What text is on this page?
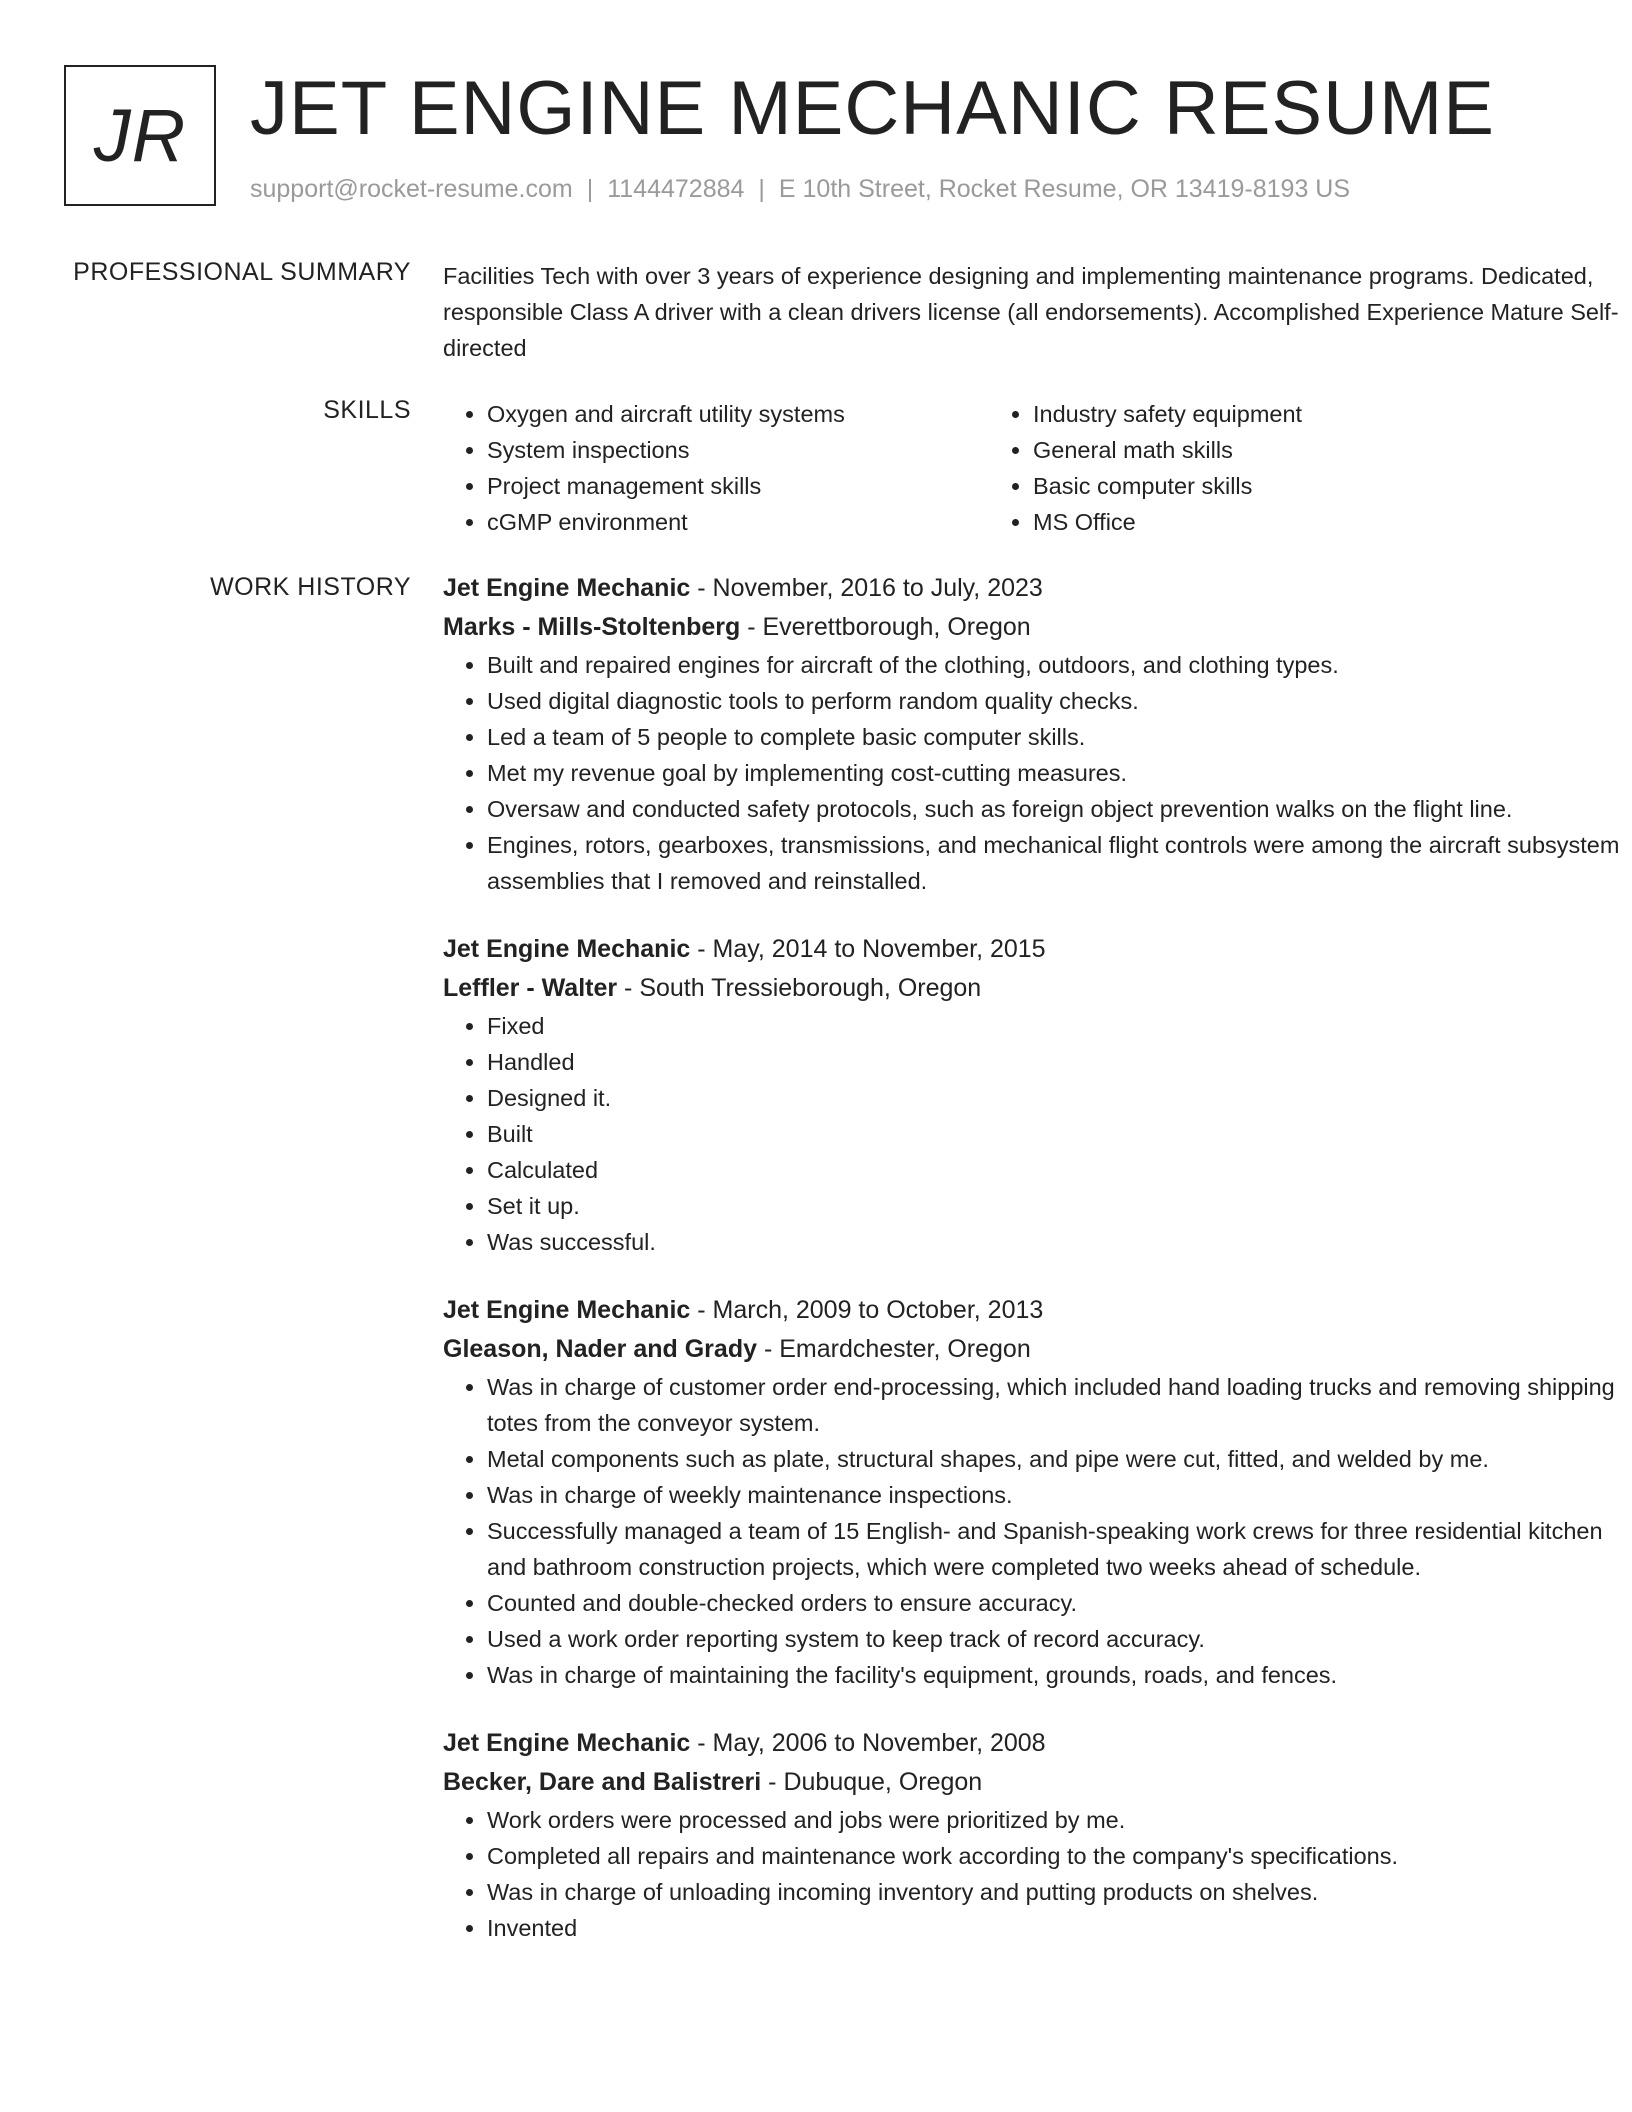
JR JET ENGINE MECHANIC RESUME
support@rocket-resume.com | 1144472884 | E 10th Street, Rocket Resume, OR 13419-8193 US
PROFESSIONAL SUMMARY Facilities Tech with over 3 years of experience designing and implementing maintenance programs. Dedicated, responsible Class A driver with a clean drivers license (all endorsements). Accomplished Experience Mature Self-directed
SKILLS
•	Oxygen and aircraft utility systems
• System inspections
• Project management skills
• cGMP environment
• Industry safety equipment
• General math skills
• Basic computer skills
• MS Office
WORK HISTORY Jet Engine Mechanic - November, 2016 to July, 2023
Marks - Mills-Stoltenberg - Everettborough, Oregon
• Built and repaired engines for aircraft of the clothing, outdoors, and clothing types.
• Used digital diagnostic tools to perform random quality checks.
• Led a team of 5 people to complete basic computer skills.
• Met my revenue goal by implementing cost-cutting measures.
• Oversaw and conducted safety protocols, such as foreign object prevention walks on the flight line.
• Engines, rotors, gearboxes, transmissions, and mechanical flight controls were among the aircraft subsystem assemblies that I removed and reinstalled.
Jet Engine Mechanic - May, 2014 to November, 2015
Leffler - Walter - South Tressieborough, Oregon
• Fixed
• Handled
• Designed it.
• Built
• Calculated
• Set it up.
• Was successful.
Jet Engine Mechanic - March, 2009 to October, 2013
Gleason, Nader and Grady - Emardchester, Oregon
• Was in charge of customer order end-processing, which included hand loading trucks and removing shipping totes from the conveyor system.
• Metal components such as plate, structural shapes, and pipe were cut, fitted, and welded by me.
• Was in charge of weekly maintenance inspections.
• Successfully managed a team of 15 English- and Spanish-speaking work crews for three residential kitchen and bathroom construction projects, which were completed two weeks ahead of schedule.
• Counted and double-checked orders to ensure accuracy.
• Used a work order reporting system to keep track of record accuracy.
• Was in charge of maintaining the facility's equipment, grounds, roads, and fences.
Jet Engine Mechanic - May, 2006 to November, 2008
Becker, Dare and Balistreri - Dubuque, Oregon
• Work orders were processed and jobs were prioritized by me.
• Completed all repairs and maintenance work according to the company's specifications.
• Was in charge of unloading incoming inventory and putting products on shelves.
• Invented
